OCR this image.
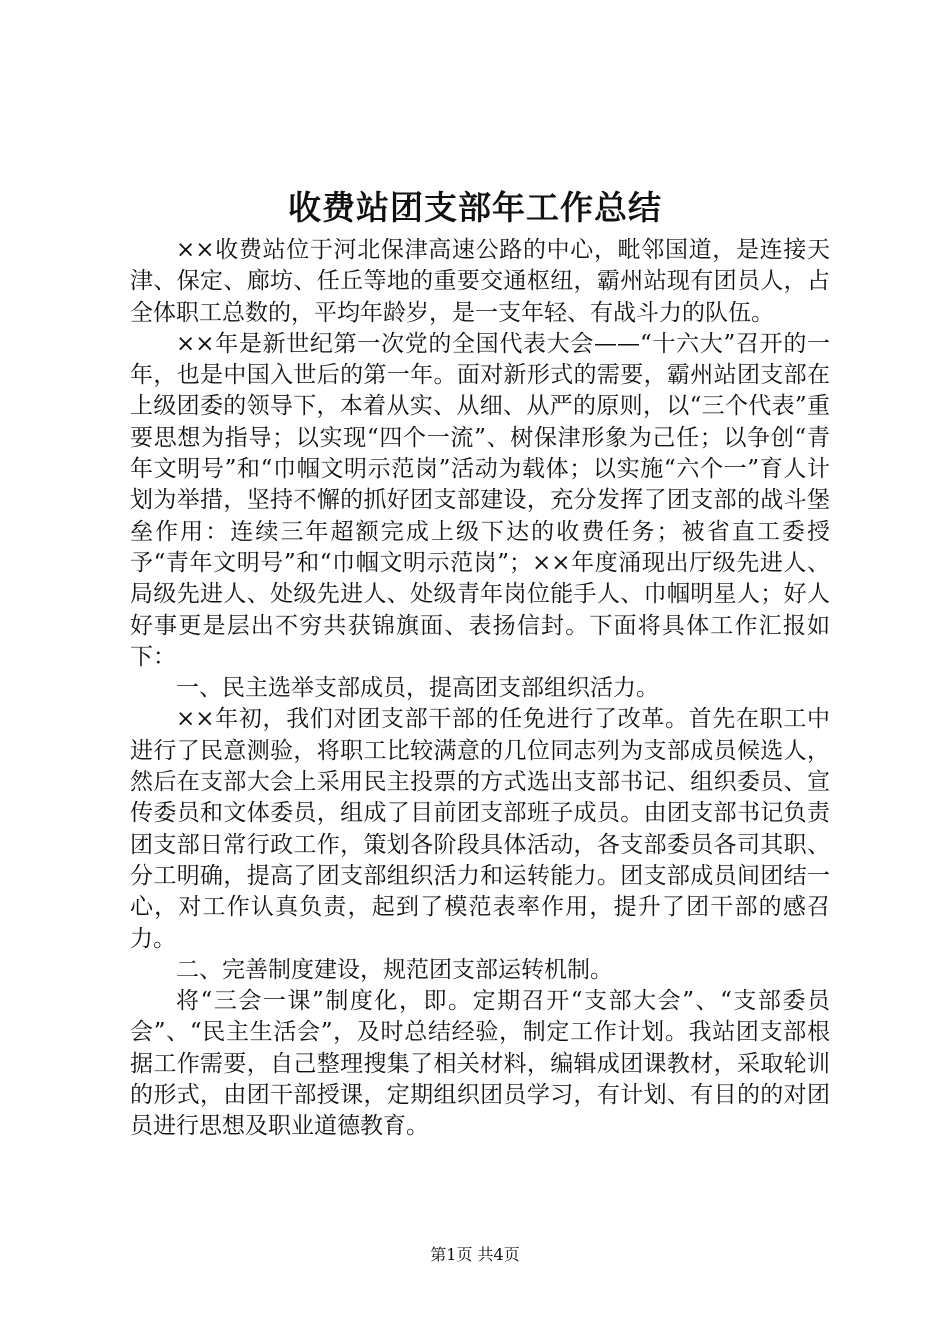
收费站团支部年工作总结

××收费站位于河北保津高速公路的中心，毗邻国道，是连接天津、保定、廊坊、任丘等地的重要交通枢纽，霸州站现有团员人，占全体职工总数的，平均年龄岁，是一支年轻、有战斗力的队伍。

××年是新世纪第一次党的全国代表大会——“十六大”召开的一年，也是中国入世后的第一年。面对新形式的需要，霸州站团支部在上级团委的领导下，本着从实、从细、从严的原则，以“三个代表”重要思想为指导；以实现“四个一流”、树保津形象为己任；以争创“青年文明号”和“巾帼文明示范岗”活动为载体；以实施“六个一”育人计划为举措，坚持不懈的抓好团支部建设，充分发挥了团支部的战斗堡垒作用：连续三年超额完成上级下达的收费任务；被省直工委授予“青年文明号”和“巾帼文明示范岗”；××年度涌现出厅级先进人、局级先进人、处级先进人、处级青年岗位能手人、巾帼明星人；好人好事更是层出不穷共获锦旗面、表扬信封。下面将具体工作汇报如下：

一、民主选举支部成员，提高团支部组织活力。

××年初，我们对团支部干部的任免进行了改革。首先在职工中进行了民意测验，将职工比较满意的几位同志列为支部成员候选人，然后在支部大会上采用民主投票的方式选出支部书记、组织委员、宣传委员和文体委员，组成了目前团支部班子成员。由团支部书记负责团支部日常行政工作，策划各阶段具体活动，各支部委员各司其职、分工明确，提高了团支部组织活力和运转能力。团支部成员间团结一心，对工作认真负责，起到了模范表率作用，提升了团干部的感召力。

二、完善制度建设，规范团支部运转机制。

将“三会一课”制度化，即。定期召开“支部大会”、“支部委员会”、“民主生活会”，及时总结经验，制定工作计划。我站团支部根据工作需要，自己整理搜集了相关材料，编辑成团课教材，采取轮训的形式，由团干部授课，定期组织团员学习，有计划、有目的的对团员进行思想及职业道德教育。

第1页 共4页
